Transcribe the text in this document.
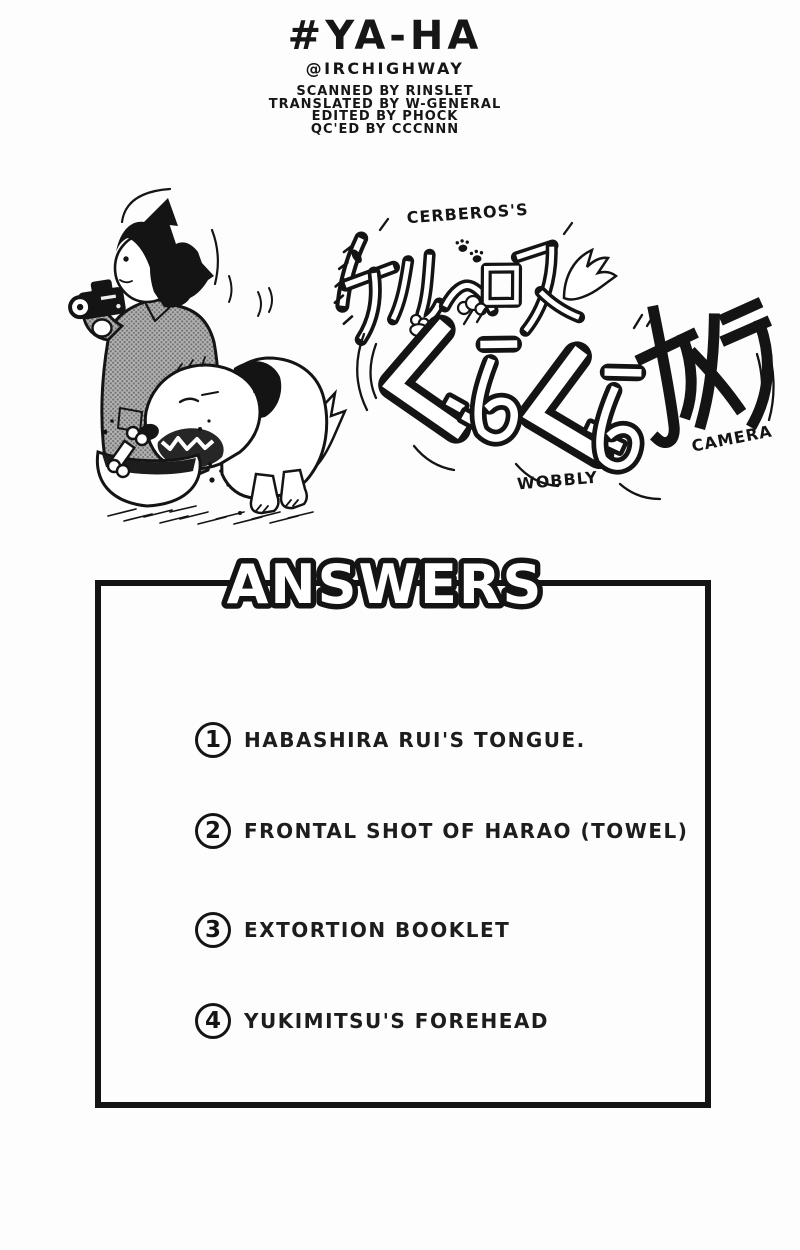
#YA-HA
@IRCHIGHWAY
SCANNED BY RINSLET
TRANSLATED BY W-GENERAL
EDITED BY PHOCK
QC'ED BY CCCNNN
CERBEROS'S
WOBBLY
CAMERA
ANSWERS
1	HABASHIRA RUI'S TONGUE.
2	FRONTAL SHOT OF HARAO (TOWEL)
3	EXTORTION BOOKLET
4	YUKIMITSU'S FOREHEAD
